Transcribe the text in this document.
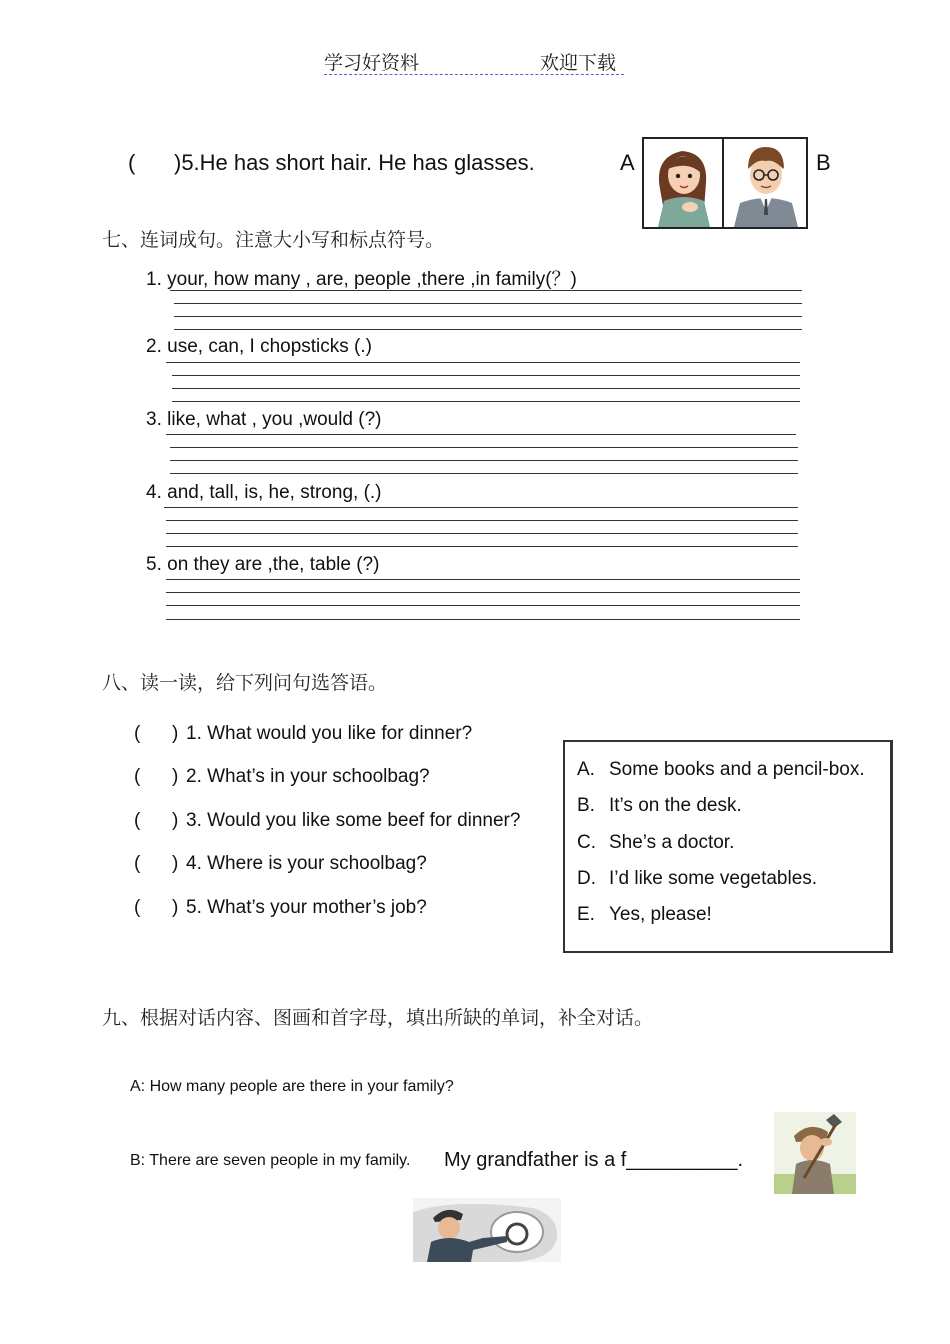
学习好资料	欢迎下载
( )5.He has short hair. He has glasses.	A	B
七、连词成句。注意大小写和标点符号。
1. your, how many , are, people ,there ,in family(？)
2. use, can, I chopsticks (.)
3. like, what , you ,would (?)
4. and, tall, is, he, strong, (.)
5. on they are ,the, table (?)
八、读一读，给下列问句选答语。
( ) 1. What would you like for dinner?
( ) 2. What’s in your schoolbag?
( ) 3. Would you like some beef for dinner?
( ) 4. Where is your schoolbag?
( ) 5. What’s your mother’s job?
A. Some books and a pencil-box.
B. It’s on the desk.
C. She’s a doctor.
D. I’d like some vegetables.
E. Yes, please!
九、根据对话内容、图画和首字母，填出所缺的单词，补全对话。
A: How many people are there in your family?
B: There are seven people in my family. My grandfather is a f__________.
